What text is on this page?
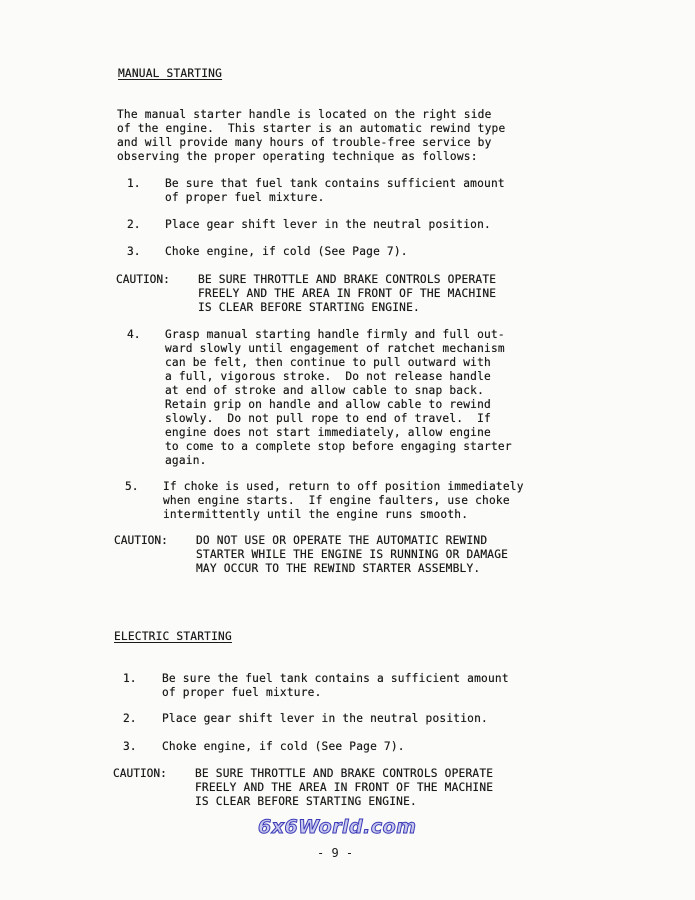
MANUAL STARTING
The manual starter handle is located on the right side
of the engine.  This starter is an automatic rewind type
and will provide many hours of trouble-free service by
observing the proper operating technique as follows:
1. Be sure that fuel tank contains sufficient amount
of proper fuel mixture.
2. Place gear shift lever in the neutral position.
3. Choke engine, if cold (See Page 7).
CAUTION:	BE SURE THROTTLE AND BRAKE CONTROLS OPERATE
FREELY AND THE AREA IN FRONT OF THE MACHINE
IS CLEAR BEFORE STARTING ENGINE.
4. Grasp manual starting handle firmly and full out-
ward slowly until engagement of ratchet mechanism
can be felt, then continue to pull outward with
a full, vigorous stroke.  Do not release handle
at end of stroke and allow cable to snap back.
Retain grip on handle and allow cable to rewind
slowly.  Do not pull rope to end of travel.  If
engine does not start immediately, allow engine
to come to a complete stop before engaging starter
again.
5. If choke is used, return to off position immediately
when engine starts.  If engine faulters, use choke
intermittently until the engine runs smooth.
CAUTION:	DO NOT USE OR OPERATE THE AUTOMATIC REWIND
STARTER WHILE THE ENGINE IS RUNNING OR DAMAGE
MAY OCCUR TO THE REWIND STARTER ASSEMBLY.
ELECTRIC STARTING
1. Be sure the fuel tank contains a sufficient amount
of proper fuel mixture.
2. Place gear shift lever in the neutral position.
3. Choke engine, if cold (See Page 7).
CAUTION:	BE SURE THROTTLE AND BRAKE CONTROLS OPERATE
FREELY AND THE AREA IN FRONT OF THE MACHINE
IS CLEAR BEFORE STARTING ENGINE.
6x6World.com
- 9 -
